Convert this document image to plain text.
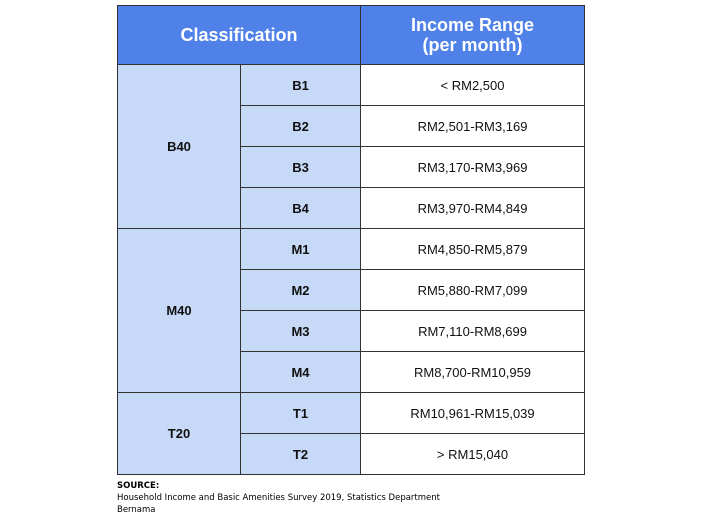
Classification		Income Range
(per month)

B40	B1	< RM2,500
	B2	RM2,501-RM3,169
	B3	RM3,170-RM3,969
	B4	RM3,970-RM4,849
M40	M1	RM4,850-RM5,879
	M2	RM5,880-RM7,099
	M3	RM7,110-RM8,699
	M4	RM8,700-RM10,959
T20	T1	RM10,961-RM15,039
	T2	> RM15,040
SOURCE:
Household Income and Basic Amenities Survey 2019, Statistics Department
Bernama
